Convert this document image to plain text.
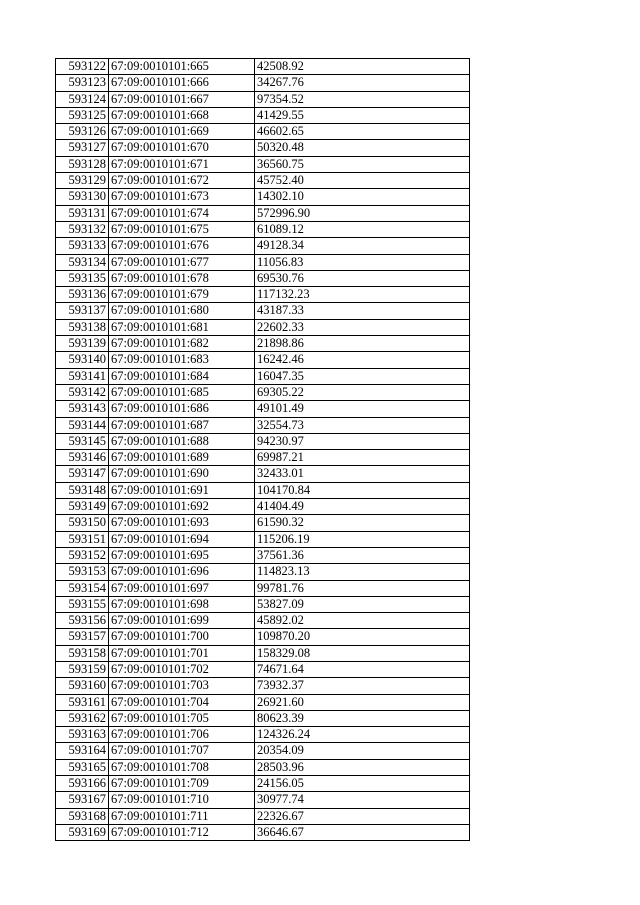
593122	67:09:0010101:665	42508.92
593123	67:09:0010101:666	34267.76
593124	67:09:0010101:667	97354.52
593125	67:09:0010101:668	41429.55
593126	67:09:0010101:669	46602.65
593127	67:09:0010101:670	50320.48
593128	67:09:0010101:671	36560.75
593129	67:09:0010101:672	45752.40
593130	67:09:0010101:673	14302.10
593131	67:09:0010101:674	572996.90
593132	67:09:0010101:675	61089.12
593133	67:09:0010101:676	49128.34
593134	67:09:0010101:677	11056.83
593135	67:09:0010101:678	69530.76
593136	67:09:0010101:679	117132.23
593137	67:09:0010101:680	43187.33
593138	67:09:0010101:681	22602.33
593139	67:09:0010101:682	21898.86
593140	67:09:0010101:683	16242.46
593141	67:09:0010101:684	16047.35
593142	67:09:0010101:685	69305.22
593143	67:09:0010101:686	49101.49
593144	67:09:0010101:687	32554.73
593145	67:09:0010101:688	94230.97
593146	67:09:0010101:689	69987.21
593147	67:09:0010101:690	32433.01
593148	67:09:0010101:691	104170.84
593149	67:09:0010101:692	41404.49
593150	67:09:0010101:693	61590.32
593151	67:09:0010101:694	115206.19
593152	67:09:0010101:695	37561.36
593153	67:09:0010101:696	114823.13
593154	67:09:0010101:697	99781.76
593155	67:09:0010101:698	53827.09
593156	67:09:0010101:699	45892.02
593157	67:09:0010101:700	109870.20
593158	67:09:0010101:701	158329.08
593159	67:09:0010101:702	74671.64
593160	67:09:0010101:703	73932.37
593161	67:09:0010101:704	26921.60
593162	67:09:0010101:705	80623.39
593163	67:09:0010101:706	124326.24
593164	67:09:0010101:707	20354.09
593165	67:09:0010101:708	28503.96
593166	67:09:0010101:709	24156.05
593167	67:09:0010101:710	30977.74
593168	67:09:0010101:711	22326.67
593169	67:09:0010101:712	36646.67
